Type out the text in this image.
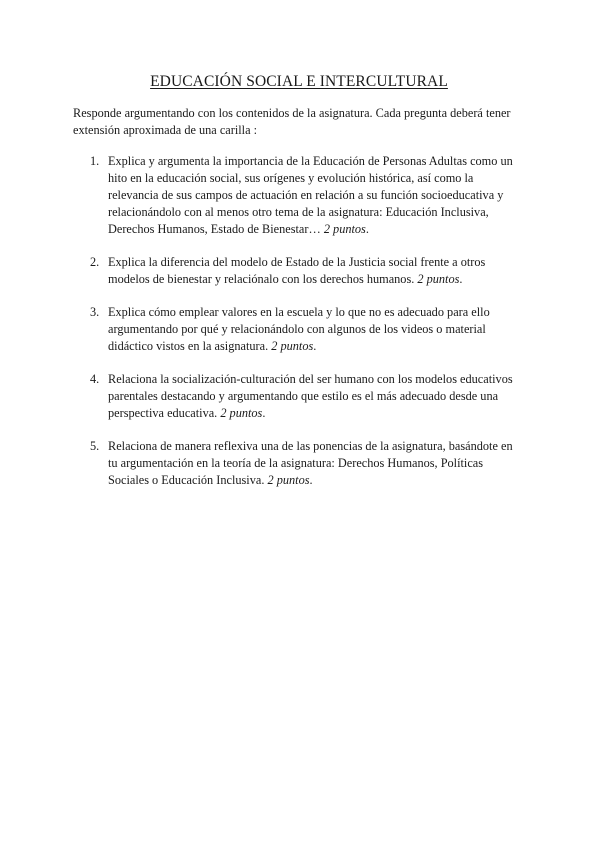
EDUCACIÓN SOCIAL E INTERCULTURAL

Responde argumentando con los contenidos de la asignatura. Cada pregunta deberá tener extensión aproximada de una carilla :

1. Explica y argumenta la importancia de la Educación de Personas Adultas como un hito en la educación social, sus orígenes y evolución histórica, así como la relevancia de sus campos de actuación en relación a su función socioeducativa y relacionándolo con al menos otro tema de la asignatura: Educación Inclusiva, Derechos Humanos, Estado de Bienestar… 2 puntos.
2. Explica la diferencia del modelo de Estado de la Justicia social frente a otros modelos de bienestar y relaciónalo con los derechos humanos. 2 puntos.
3. Explica cómo emplear valores en la escuela y lo que no es adecuado para ello argumentando por qué y relacionándolo con algunos de los videos o material didáctico vistos en la asignatura. 2 puntos.
4. Relaciona la socialización-culturación del ser humano con los modelos educativos parentales destacando y argumentando que estilo es el más adecuado desde una perspectiva educativa. 2 puntos.
5. Relaciona de manera reflexiva una de las ponencias de la asignatura, basándote en tu argumentación en la teoría de la asignatura: Derechos Humanos, Políticas Sociales o Educación Inclusiva. 2 puntos.
